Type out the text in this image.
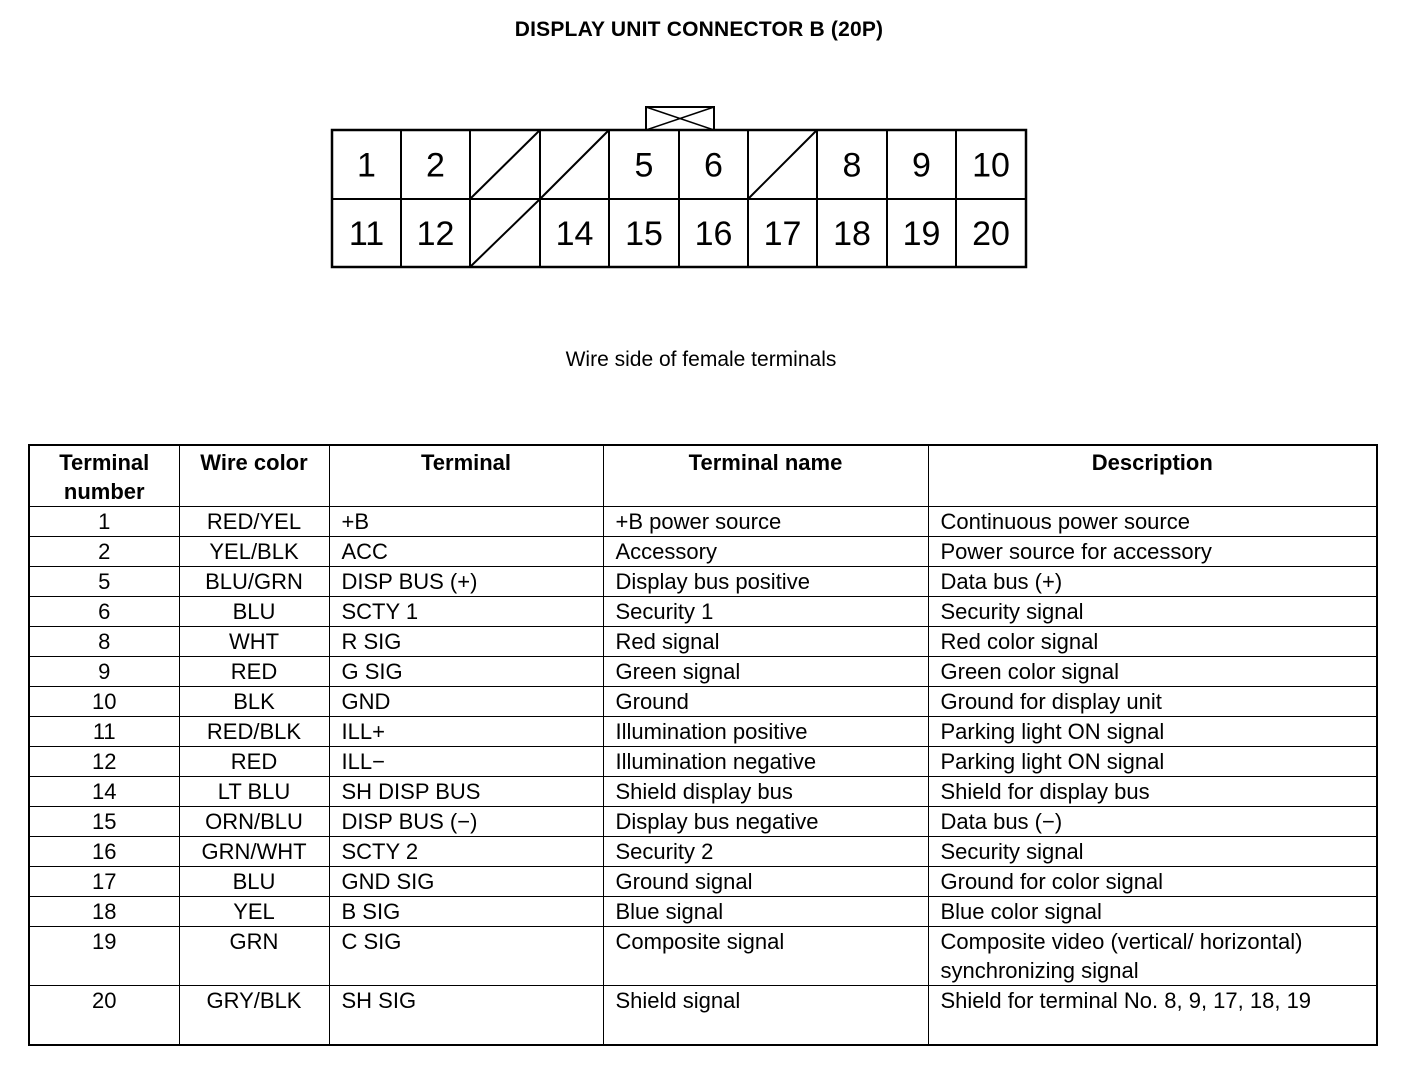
DISPLAY UNIT CONNECTOR B (20P)
1 2	5 6	8 9 10
11 12	14 15 16 17 18 19 20
Wire side of female terminals
Terminal number	Wire color	Terminal	Terminal name	Description
1	RED/YEL	+B	+B power source	Continuous power source
2	YEL/BLK	ACC	Accessory	Power source for accessory
5	BLU/GRN	DISP BUS (+)	Display bus positive	Data bus (+)
6	BLU	SCTY 1	Security 1	Security signal
8	WHT	R SIG	Red signal	Red color signal
9	RED	G SIG	Green signal	Green color signal
10	BLK	GND	Ground	Ground for display unit
11	RED/BLK	ILL+	Illumination positive	Parking light ON signal
12	RED	ILL−	Illumination negative	Parking light ON signal
14	LT BLU	SH DISP BUS	Shield display bus	Shield for display bus
15	ORN/BLU	DISP BUS (−)	Display bus negative	Data bus (−)
16	GRN/WHT	SCTY 2	Security 2	Security signal
17	BLU	GND SIG	Ground signal	Ground for color signal
18	YEL	B SIG	Blue signal	Blue color signal
19	GRN	C SIG	Composite signal	Composite video (vertical/ horizontal) synchronizing signal
20	GRY/BLK	SH SIG	Shield signal	Shield for terminal No. 8, 9, 17, 18, 19
